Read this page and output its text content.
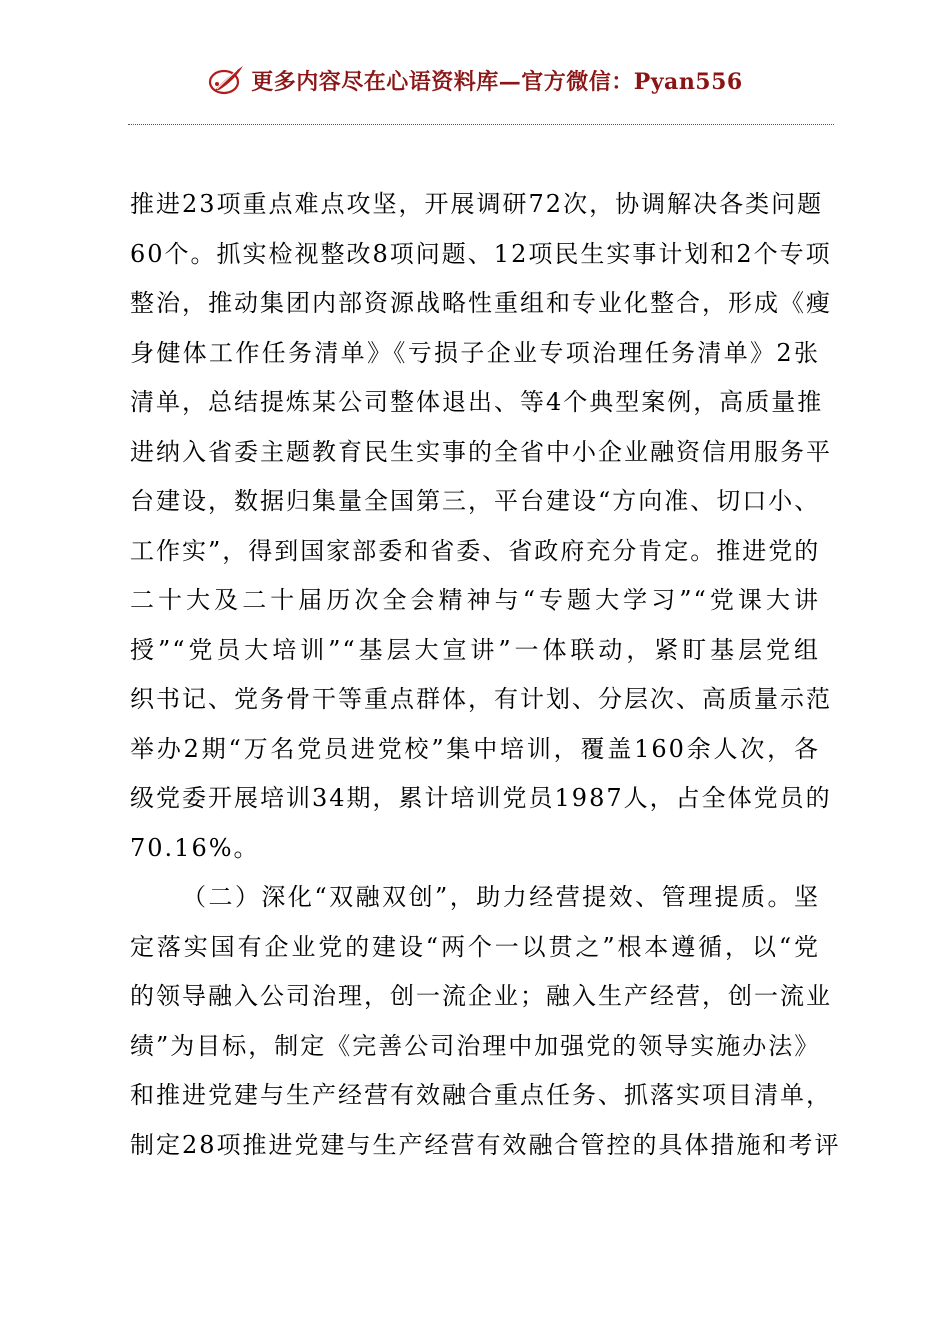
更多内容尽在心语资料库—官方微信：Pyan556

推进23项重点难点攻坚，开展调研72次，协调解决各类问题
60个。抓实检视整改8项问题、12项民生实事计划和2个专项
整治，推动集团内部资源战略性重组和专业化整合，形成《瘦
身健体工作任务清单》《亏损子企业专项治理任务清单》2张
清单，总结提炼某公司整体退出、等4个典型案例，高质量推
进纳入省委主题教育民生实事的全省中小企业融资信用服务平
台建设，数据归集量全国第三，平台建设“方向准、切口小、
工作实”，得到国家部委和省委、省政府充分肯定。推进党的
二十大及二十届历次全会精神与“专题大学习”“党课大讲
授”“党员大培训”“基层大宣讲”一体联动，紧盯基层党组
织书记、党务骨干等重点群体，有计划、分层次、高质量示范
举办2期“万名党员进党校”集中培训，覆盖160余人次，各
级党委开展培训34期，累计培训党员1987人，占全体党员的
70.16%。

（二）深化“双融双创”，助力经营提效、管理提质。坚
定落实国有企业党的建设“两个一以贯之”根本遵循，以“党
的领导融入公司治理，创一流企业；融入生产经营，创一流业
绩”为目标，制定《完善公司治理中加强党的领导实施办法》
和推进党建与生产经营有效融合重点任务、抓落实项目清单，
制定28项推进党建与生产经营有效融合管控的具体措施和考评
